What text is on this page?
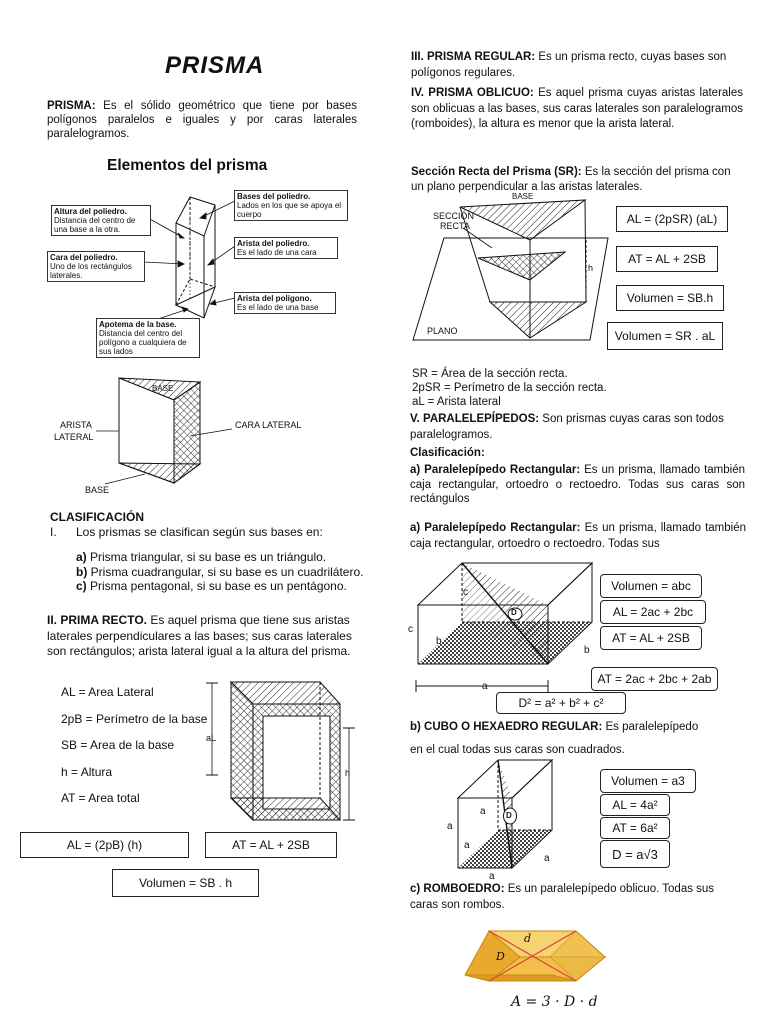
PRISMA
PRISMA: Es el sólido geométrico que tiene por bases polígonos paralelos e iguales y por caras laterales paralelogramos.
Elementos del prisma
Altura del poliedro.
Distancia del centro de una base a la otra.
Cara del poliedro.
Uno de los rectángulos laterales.
Bases del poliedro.
Lados en los que se apoya el cuerpo
Arista del poliedro.
Es el lado de una cara
Arista del polígono.
Es el lado de una base
Apotema de la base.
Distancia del centro del polígono a cualquiera de sus lados
BASE
ARISTA
LATERAL
CARA LATERAL
BASE
CLASIFICACIÓN
I. Los prismas se clasifican según sus bases en:
a) Prisma triangular, si su base es un triángulo.
b) Prisma cuadrangular, si su base es un cuadrilátero.
c) Prisma pentagonal, si su base es un pentágono.
II. PRIMA RECTO. Es aquel prisma que tiene sus aristas laterales perpendiculares a las bases; sus caras laterales son rectángulos; arista lateral igual a la altura del prisma.
AL = Area Lateral
2pB = Perímetro de la base
SB = Area de la base
h = Altura
AT = Area total
aL
h
AL = (2pB) (h)	AT = AL + 2SB
Volumen = SB . h
III. PRISMA REGULAR: Es un prisma recto, cuyas bases son polígonos regulares.
IV. PRISMA OBLICUO: Es aquel prisma cuyas aristas laterales son oblicuas a las bases, sus caras laterales son paralelogramos (romboides), la altura es menor que la arista lateral.
Sección Recta del Prisma (SR): Es la sección del prisma con un plano perpendicular a las aristas laterales.
BASE
SECCIÓN
RECTA
PLANO
h
AL = (2pSR) (aL)
AT = AL + 2SB
Volumen = SB.h
Volumen = SR . aL
SR = Área de la sección recta.
2pSR = Perímetro de la sección recta.
aL = Arista lateral
V. PARALELEPÍPEDOS: Son prismas cuyas caras son todos paralelogramos.
Clasificación:
a) Paralelepípedo Rectangular: Es un prisma, llamado también caja rectangular, ortoedro o rectoedro. Todas sus caras son rectángulos
a) Paralelepípedo Rectangular: Es un prisma, llamado también caja rectangular, ortoedro o rectoedro. Todas sus
c
c
b
b
a
D
Volumen = abc
AL = 2ac + 2bc
AT = AL + 2SB
AT = 2ac + 2bc + 2ab
D² = a² + b² + c²
b) CUBO O HEXAEDRO REGULAR: Es paralelepípedo
en el cual todas sus caras son cuadrados.
a
a
a
a
a
D
Volumen = a3
AL = 4a²
AT = 6a²
D = a√3
c) ROMBOEDRO: Es un paralelepípedo oblicuo. Todas sus caras son rombos.
D
d
A = 3 · D · d
